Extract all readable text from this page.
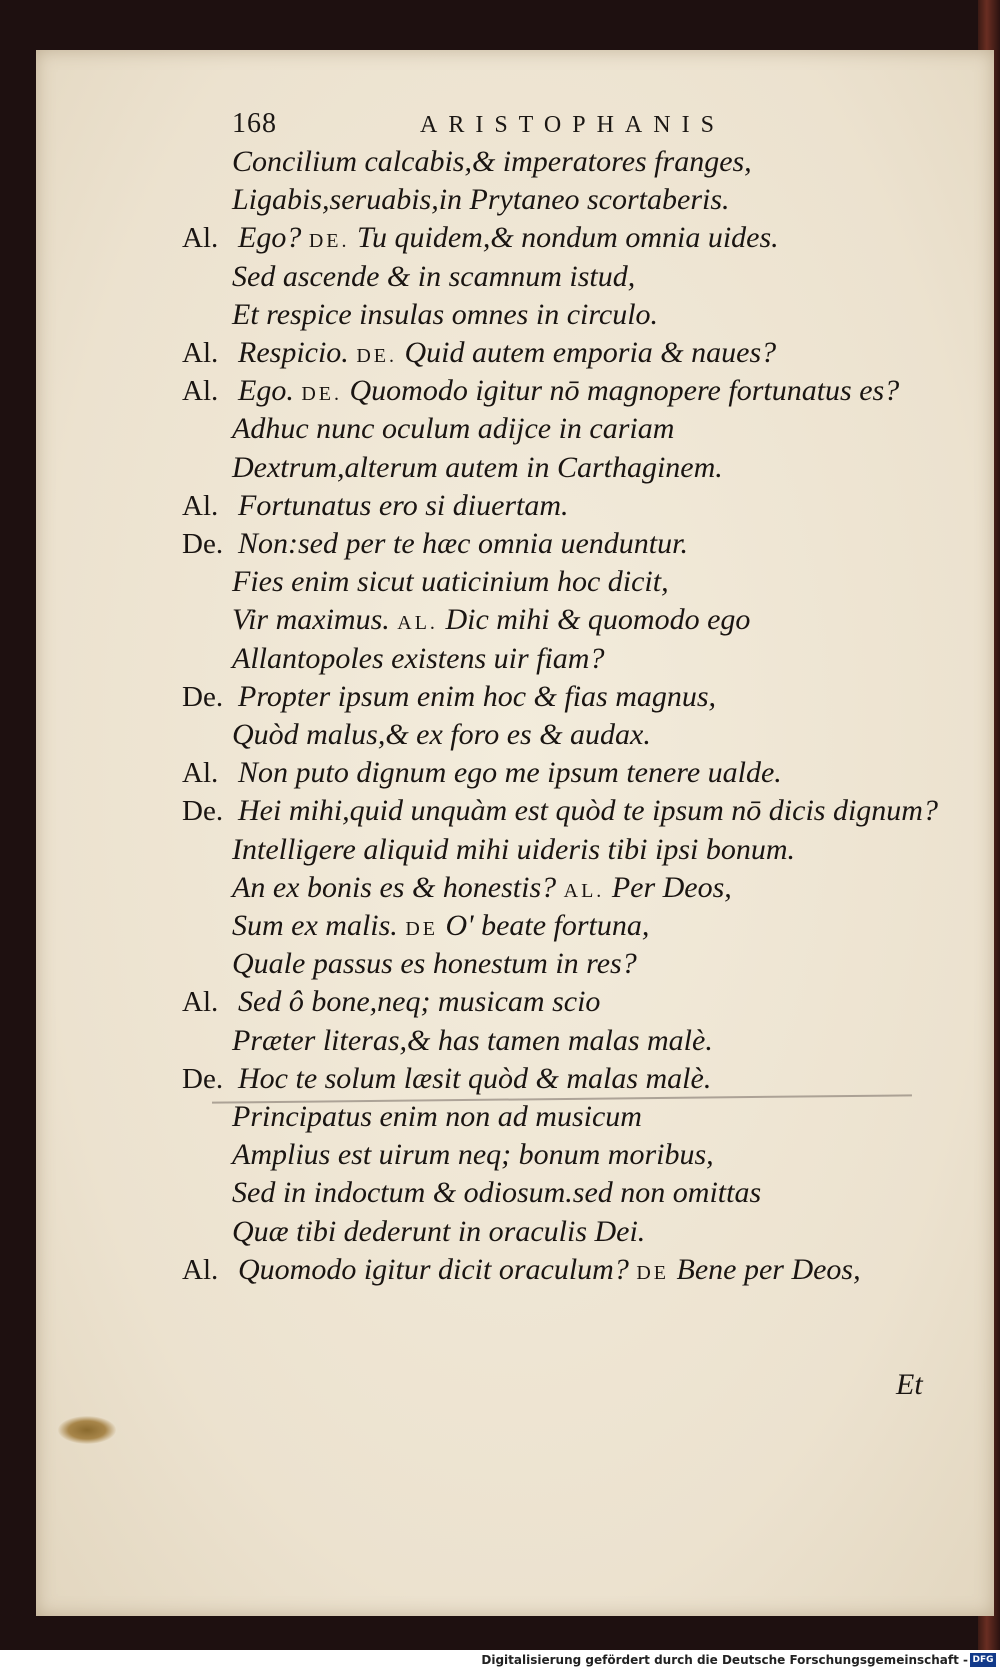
168	ARISTOPHANIS
Concilium calcabis,& imperatores franges,
Ligabis,seruabis,in Prytaneo scortaberis.
Al. Ego? DE. Tu quidem,& nondum omnia uides.
Sed ascende & in scamnum istud,
Et respice insulas omnes in circulo.
Al. Respicio. DE. Quid autem emporia & naues?
Al. Ego. DE. Quomodo igitur nō magnopere fortunatus es?
Adhuc nunc oculum adijce in cariam
Dextrum,alterum autem in Carthaginem.
Al. Fortunatus ero si diuertam.
De. Non:sed per te hæc omnia uenduntur.
Fies enim sicut uaticinium hoc dicit,
Vir maximus. AL. Dic mihi & quomodo ego
Allantopoles existens uir fiam?
De. Propter ipsum enim hoc & fias magnus,
Quòd malus,& ex foro es & audax.
Al. Non puto dignum ego me ipsum tenere ualde.
De. Hei mihi,quid unquàm est quòd te ipsum nō dicis dignum?
Intelligere aliquid mihi uideris tibi ipsi bonum.
An ex bonis es & honestis? AL. Per Deos,
Sum ex malis. DE O' beate fortuna,
Quale passus es honestum in res?
Al. Sed ô bone,neq; musicam scio
Præter literas,& has tamen malas malè.
De. Hoc te solum læsit quòd & malas malè.
Principatus enim non ad musicum
Amplius est uirum neq; bonum moribus,
Sed in indoctum & odiosum.sed non omittas
Quæ tibi dederunt in oraculis Dei.
Al. Quomodo igitur dicit oraculum? DE Bene per Deos,
Et
Digitalisierung gefördert durch die Deutsche Forschungsgemeinschaft - DFG
